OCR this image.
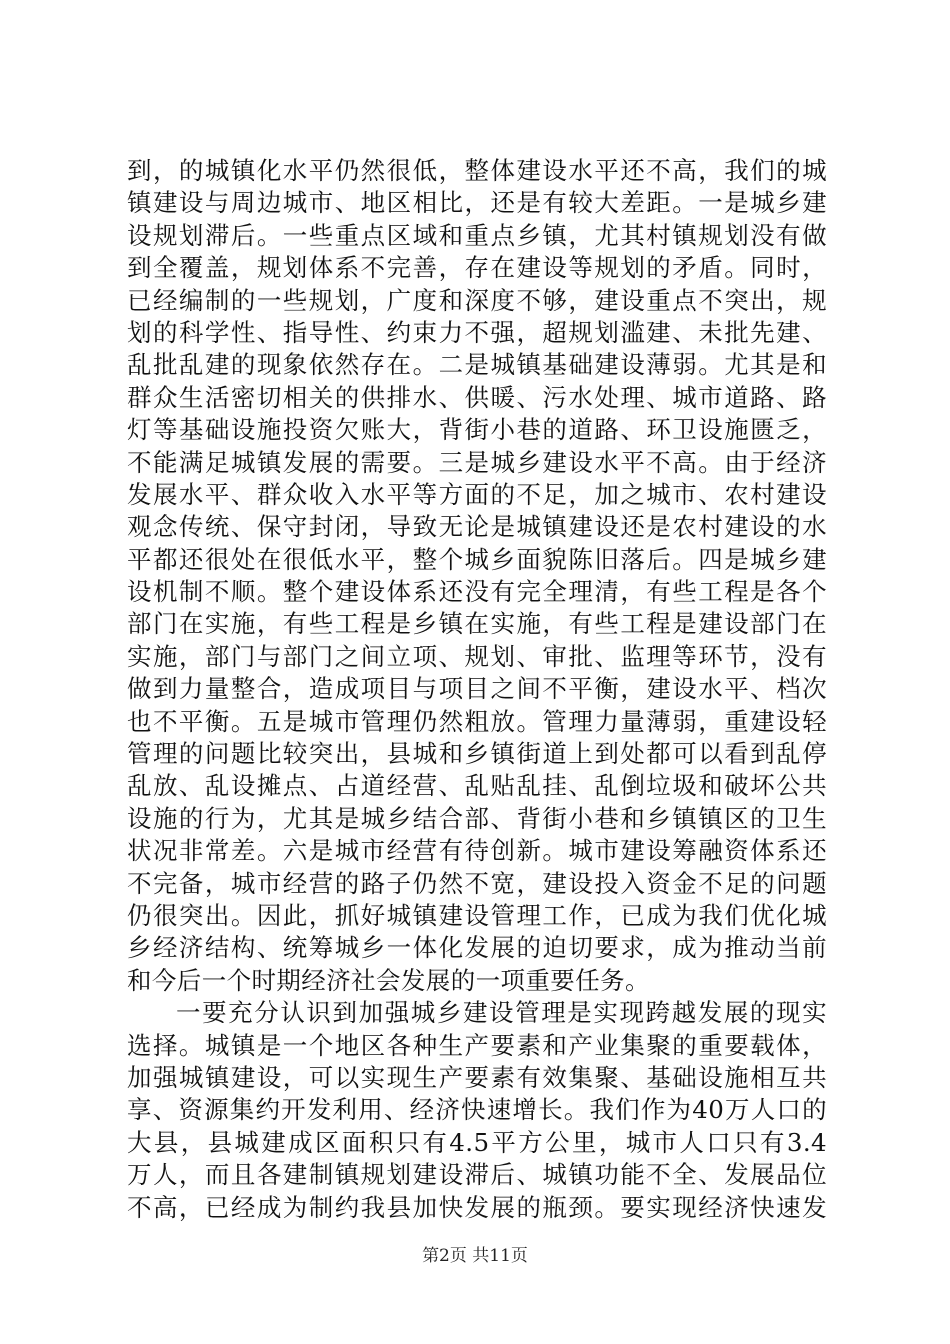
到，的城镇化水平仍然很低，整体建设水平还不高，我们的城
镇建设与周边城市、地区相比，还是有较大差距。一是城乡建
设规划滞后。一些重点区域和重点乡镇，尤其村镇规划没有做
到全覆盖，规划体系不完善，存在建设等规划的矛盾。同时，
已经编制的一些规划，广度和深度不够，建设重点不突出，规
划的科学性、指导性、约束力不强，超规划滥建、未批先建、
乱批乱建的现象依然存在。二是城镇基础建设薄弱。尤其是和
群众生活密切相关的供排水、供暖、污水处理、城市道路、路
灯等基础设施投资欠账大，背街小巷的道路、环卫设施匮乏，
不能满足城镇发展的需要。三是城乡建设水平不高。由于经济
发展水平、群众收入水平等方面的不足，加之城市、农村建设
观念传统、保守封闭，导致无论是城镇建设还是农村建设的水
平都还很处在很低水平，整个城乡面貌陈旧落后。四是城乡建
设机制不顺。整个建设体系还没有完全理清，有些工程是各个
部门在实施，有些工程是乡镇在实施，有些工程是建设部门在
实施，部门与部门之间立项、规划、审批、监理等环节，没有
做到力量整合，造成项目与项目之间不平衡，建设水平、档次
也不平衡。五是城市管理仍然粗放。管理力量薄弱，重建设轻
管理的问题比较突出，县城和乡镇街道上到处都可以看到乱停
乱放、乱设摊点、占道经营、乱贴乱挂、乱倒垃圾和破坏公共
设施的行为，尤其是城乡结合部、背街小巷和乡镇镇区的卫生
状况非常差。六是城市经营有待创新。城市建设筹融资体系还
不完备，城市经营的路子仍然不宽，建设投入资金不足的问题
仍很突出。因此，抓好城镇建设管理工作，已成为我们优化城
乡经济结构、统筹城乡一体化发展的迫切要求，成为推动当前
和今后一个时期经济社会发展的一项重要任务。
一要充分认识到加强城乡建设管理是实现跨越发展的现实
选择。城镇是一个地区各种生产要素和产业集聚的重要载体，
加强城镇建设，可以实现生产要素有效集聚、基础设施相互共
享、资源集约开发利用、经济快速增长。我们作为40万人口的
大县，县城建成区面积只有4.5平方公里，城市人口只有3.4
万人，而且各建制镇规划建设滞后、城镇功能不全、发展品位
不高，已经成为制约我县加快发展的瓶颈。要实现经济快速发
第2页 共11页
